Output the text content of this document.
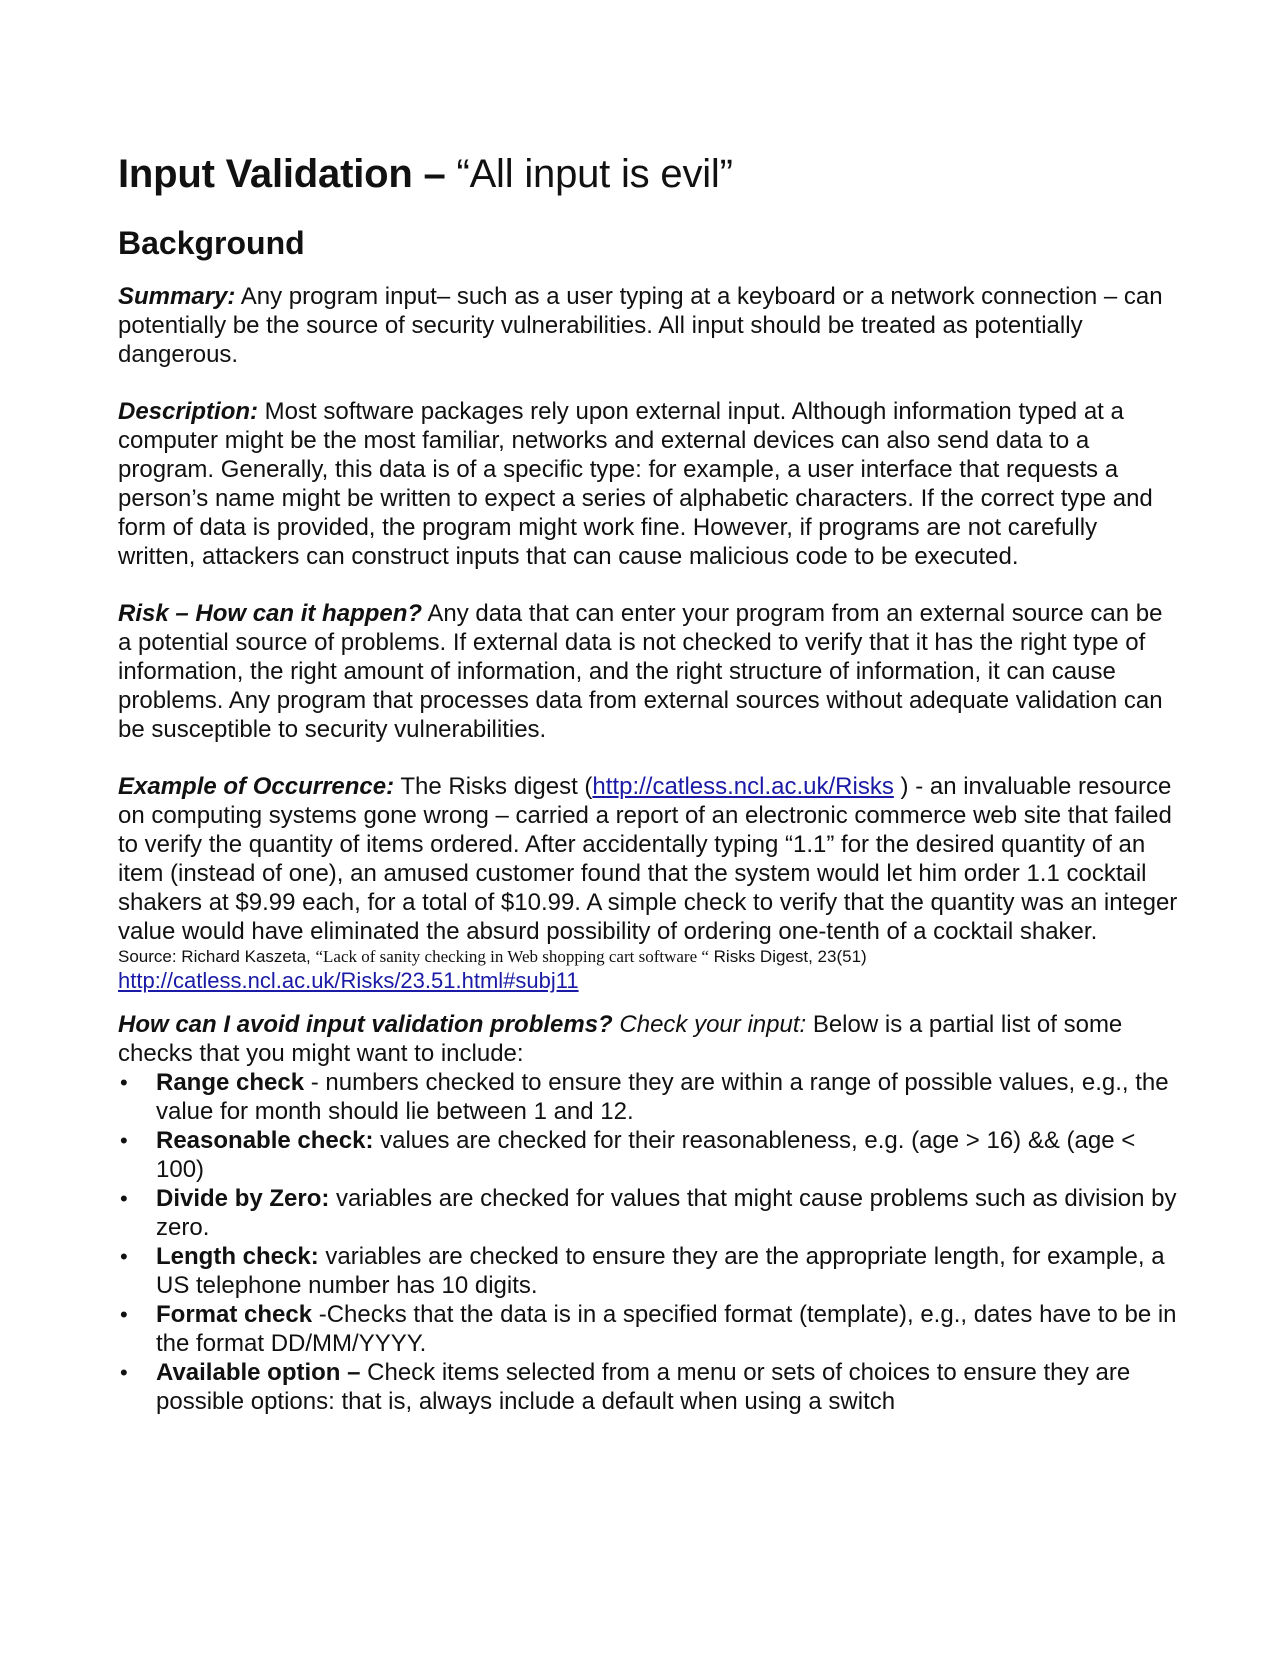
Input Validation – “All input is evil”
Background

Summary: Any program input– such as a user typing at a keyboard or a network connection – can potentially be the source of security vulnerabilities. All input should be treated as potentially dangerous.

Description: Most software packages rely upon external input. Although information typed at a computer might be the most familiar, networks and external devices can also send data to a program. Generally, this data is of a specific type: for example, a user interface that requests a person’s name might be written to expect a series of alphabetic characters. If the correct type and form of data is provided, the program might work fine. However, if programs are not carefully written, attackers can construct inputs that can cause malicious code to be executed.

Risk – How can it happen? Any data that can enter your program from an external source can be a potential source of problems. If external data is not checked to verify that it has the right type of information, the right amount of information, and the right structure of information, it can cause problems. Any program that processes data from external sources without adequate validation can be susceptible to security vulnerabilities.

Example of Occurrence: The Risks digest (http://catless.ncl.ac.uk/Risks ) - an invaluable resource on computing systems gone wrong – carried a report of an electronic commerce web site that failed to verify the quantity of items ordered. After accidentally typing “1.1” for the desired quantity of an item (instead of one), an amused customer found that the system would let him order 1.1 cocktail shakers at $9.99 each, for a total of $10.99. A simple check to verify that the quantity was an integer value would have eliminated the absurd possibility of ordering one-tenth of a cocktail shaker.

Source: Richard Kaszeta, “Lack of sanity checking in Web shopping cart software “ Risks Digest, 23(51)

http://catless.ncl.ac.uk/Risks/23.51.html#subj11

How can I avoid input validation problems? Check your input: Below is a partial list of some checks that you might want to include:

• Range check - numbers checked to ensure they are within a range of possible values, e.g., the value for month should lie between 1 and 12.
• Reasonable check: values are checked for their reasonableness, e.g. (age > 16) && (age < 100)
• Divide by Zero: variables are checked for values that might cause problems such as division by zero.
• Length check: variables are checked to ensure they are the appropriate length, for example, a US telephone number has 10 digits.
• Format check -Checks that the data is in a specified format (template), e.g., dates have to be in the format DD/MM/YYYY.
• Available option – Check items selected from a menu or sets of choices to ensure they are possible options: that is, always include a default when using a switch
